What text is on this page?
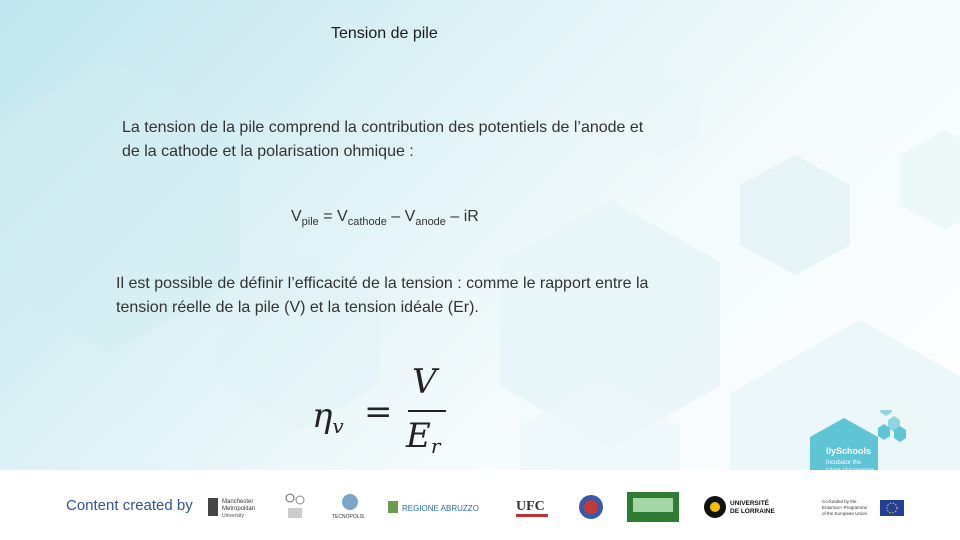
Tension de pile
La tension de la pile comprend la contribution des potentiels de l’anode et de la cathode et la polarisation ohmique :
$V_{pile} = V_{cathode} - V_{anode}$ – iR
Il est possible de définir l’efficacité de la tension : comme le rapport entre la tension réelle de la pile (V) et la tension idéale (Er).
$\eta_v$ =
V
$E_r$	IlySchools
Incubator the
Content created by	Manchester
Metropolitan
University	TECNOPOLIS
REGIONE ABRUZZO	UFC	UNIVERSITÉ
DE LORRAINE
Co-funded by the
Erasmus+ Programme
of the European Union
